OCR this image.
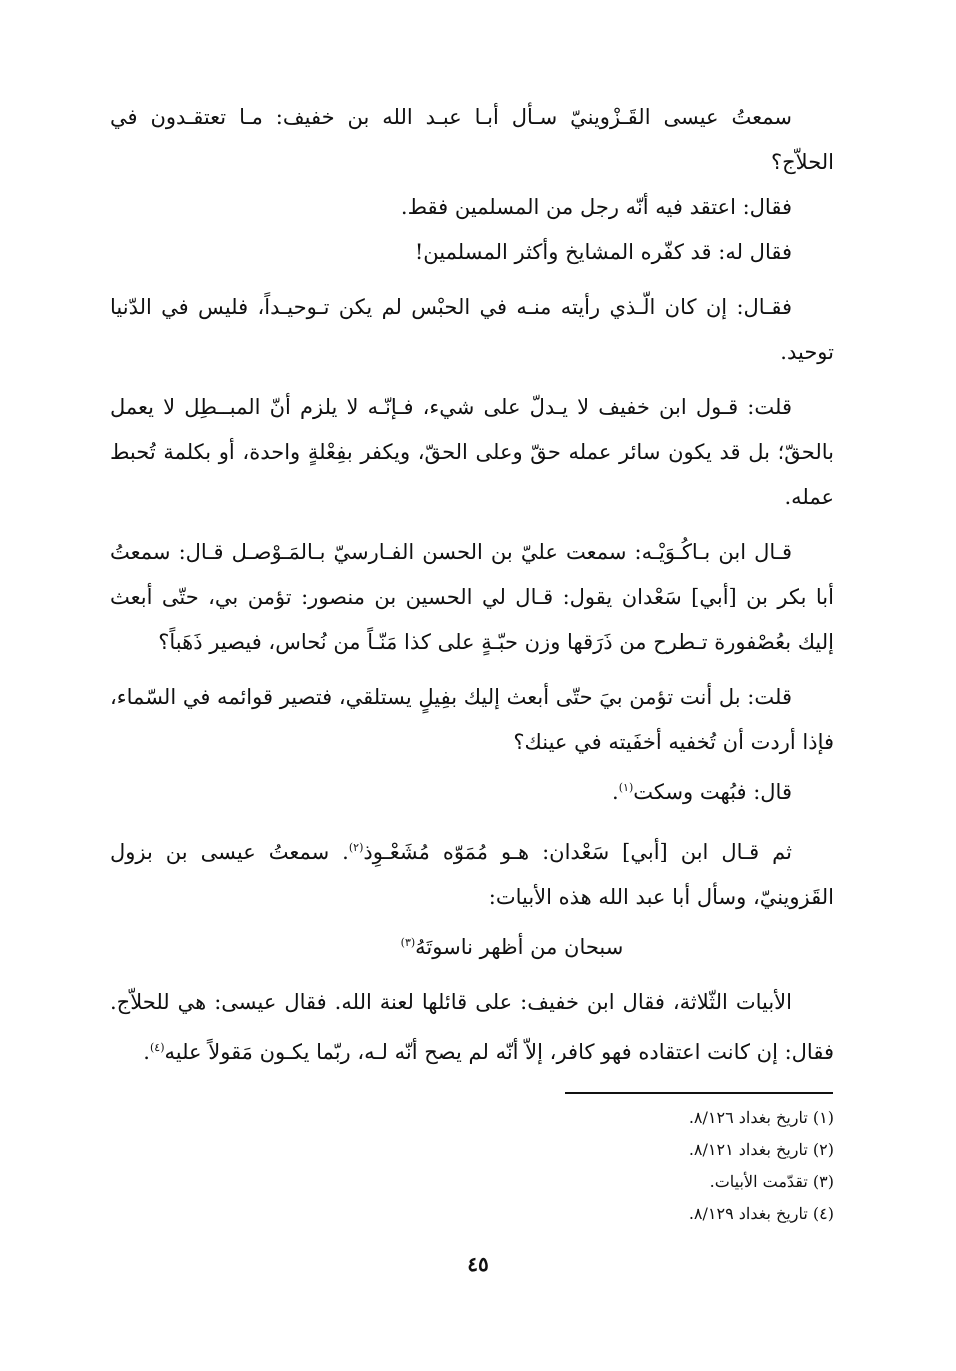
سمعتُ عيسى القَـزْوينيّ سـأل أبـا عبـد الله بن خفيف: مـا تعتقـدون في الحلاّج؟

فقال: اعتقد فيه أنّه رجل من المسلمين فقط.

فقال له: قد كفّره المشايخ وأكثر المسلمين!

فقـال: إن كان الّـذي رأيته منـه في الحبْس لم يكن تـوحيـداً، فليس في الدّنيا توحيد.

قلت: قـول ابن خفيف لا يـدلّ على شيء، فـإنّـه لا يلزم أنّ المبــطِل لا يعمل بالحقّ؛ بل قد يكون سائر عمله حقّ وعلى الحقّ، ويكفر بفِعْلةٍ واحدة، أو بكلمة تُحبط عمله.

قـال ابن بـاكُـوَيْـه: سمعت عليّ بن الحسن الفـارسيّ بـالمَـوْصـل قـال: سمعتُ أبا بكر بن [أبي] سَعْدان يقول: قـال لي الحسين بن منصور: تؤمن بي، حتّى أبعث إليك بعُصْفورة تـطرح من ذَرَقها وزن حبّـةٍ على كذا مَنّـاً من نُحاس، فيصير ذَهَباً؟

قلت: بل أنت تؤمن بيَ حتّى أبعث إليك بفِيلٍ يستلقي، فتصير قوائمه في السّماء، فإذا أردت أن تُخفيه أخفَيته في عينك؟

قال: فبُهت وسكت$^{(١)}$.

ثم قـال ابن [أبي] سَعْدان: هـو مُمَوّه مُشَعْـوِذ$^{(٢)}$. سمعتُ عيسى بن بزول القَزوينيّ، وسأل أبا عبد الله هذه الأبيات:

سبحان من أظهر ناسوتَهُ$^{(٣)}$

الأبيات الثّلاثة، فقال ابن خفيف: على قائلها لعنة الله. فقال عيسى: هي للحلاّج. فقال: إن كانت اعتقاده فهو كافر، إلاّ أنّه لم يصح أنّه لـه، ربّما يكـون مَقولاً عليه$^{(٤)}$.

(١) تاريخ بغداد ٨/١٢٦.

(٢) تاريخ بغداد ٨/١٢١.

(٣) تقدّمت الأبيات.

(٤) تاريخ بغداد ٨/١٢٩.

٤٥
